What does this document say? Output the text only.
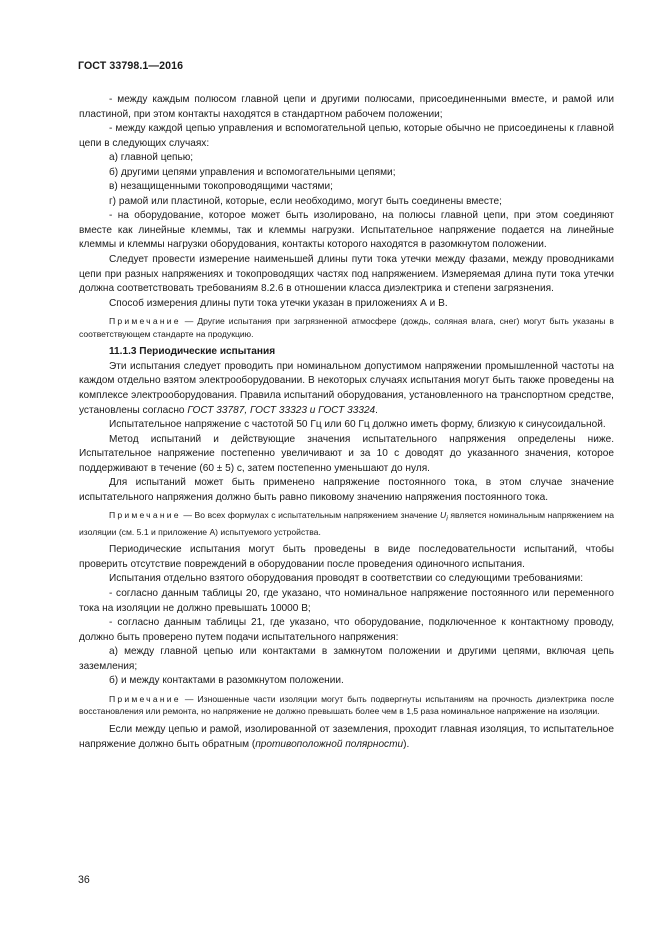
ГОСТ 33798.1—2016

- между каждым полюсом главной цепи и другими полюсами, присоединенными вместе, и рамой или пластиной, при этом контакты находятся в стандартном рабочем положении;

- между каждой цепью управления и вспомогательной цепью, которые обычно не присоединены к главной цепи в следующих случаях:

а) главной цепью;

б) другими цепями управления и вспомогательными цепями;

в) незащищенными токопроводящими частями;

г) рамой или пластиной, которые, если необходимо, могут быть соединены вместе;

- на оборудование, которое может быть изолировано, на полюсы главной цепи, при этом соединяют вместе как линейные клеммы, так и клеммы нагрузки. Испытательное напряжение подается на линейные клеммы и клеммы нагрузки оборудования, контакты которого находятся в разомкнутом положении.

Следует провести измерение наименьшей длины пути тока утечки между фазами, между проводниками цепи при разных напряжениях и токопроводящих частях под напряжением. Измеряемая длина пути тока утечки должна соответствовать требованиям 8.2.6 в отношении класса диэлектрика и степени загрязнения.

Способ измерения длины пути тока утечки указан в приложениях А и В.

Примечание — Другие испытания при загрязненной атмосфере (дождь, соляная влага, снег) могут быть указаны в соответствующем стандарте на продукцию.

11.1.3 Периодические испытания

Эти испытания следует проводить при номинальном допустимом напряжении промышленной частоты на каждом отдельно взятом электрооборудовании. В некоторых случаях испытания могут быть также проведены на комплексе электрооборудования. Правила испытаний оборудования, установленного на транспортном средстве, установлены согласно ГОСТ 33787, ГОСТ 33323 и ГОСТ 33324.

Испытательное напряжение с частотой 50 Гц или 60 Гц должно иметь форму, близкую к синусоидальной.

Метод испытаний и действующие значения испытательного напряжения определены ниже. Испытательное напряжение постепенно увеличивают и за 10 с доводят до указанного значения, которое поддерживают в течение (60 ± 5) с, затем постепенно уменьшают до нуля.

Для испытаний может быть применено напряжение постоянного тока, в этом случае значение испытательного напряжения должно быть равно пиковому значению напряжения постоянного тока.

Примечание — Во всех формулах с испытательным напряжением значение $U_i$ является номинальным напряжением на изоляции (см. 5.1 и приложение А) испытуемого устройства.

Периодические испытания могут быть проведены в виде последовательности испытаний, чтобы проверить отсутствие повреждений в оборудовании после проведения одиночного испытания.

Испытания отдельно взятого оборудования проводят в соответствии со следующими требованиями:

- согласно данным таблицы 20, где указано, что номинальное напряжение постоянного или переменного тока на изоляции не должно превышать 10000 В;

- согласно данным таблицы 21, где указано, что оборудование, подключенное к контактному проводу, должно быть проверено путем подачи испытательного напряжения:

а) между главной цепью или контактами в замкнутом положении и другими цепями, включая цепь заземления;

б) и между контактами в разомкнутом положении.

Примечание — Изношенные части изоляции могут быть подвергнуты испытаниям на прочность диэлектрика после восстановления или ремонта, но напряжение не должно превышать более чем в 1,5 раза номинальное напряжение на изоляции.

Если между цепью и рамой, изолированной от заземления, проходит главная изоляция, то испытательное напряжение должно быть обратным (противоположной полярности).

36
